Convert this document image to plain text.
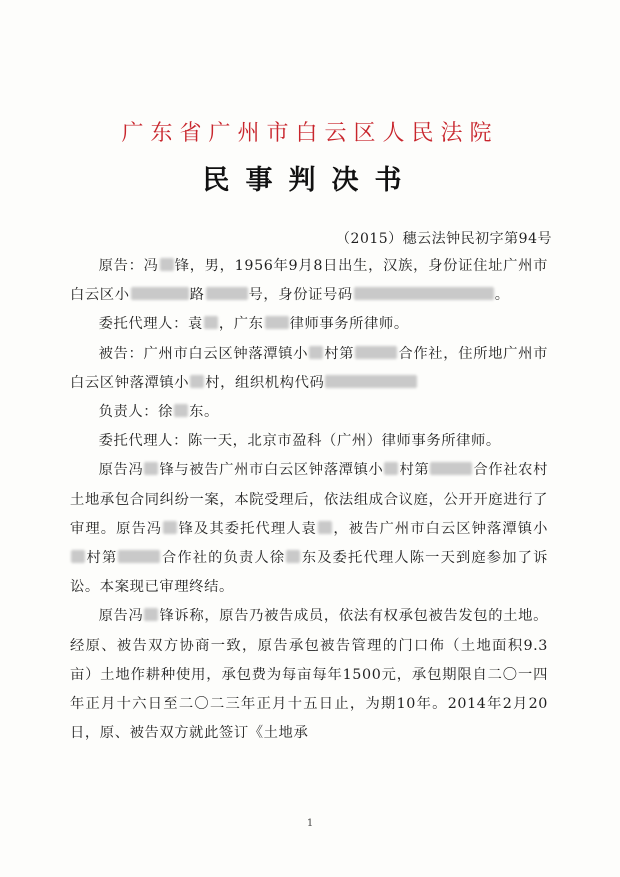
广东省广州市白云区人民法院
民事判决书
（2015）穗云法钟民初字第94号

原告：冯 锋，男，1956年9月8日出生，汉族，身份证住址广州市白云区小	路	号，身份证号码	。

委托代理人：袁 ，广东 律师事务所律师。

被告：广州市白云区钟落潭镇小 村第	合作社，住所地广州市白云区钟落潭镇小 村，组织机构代码

负责人：徐 东。

委托代理人：陈一天，北京市盈科（广州）律师事务所律师。

原告冯 锋与被告广州市白云区钟落潭镇小 村第	合作社农村土地承包合同纠纷一案，本院受理后，依法组成合议庭，公开开庭进行了审理。原告冯 锋及其委托代理人袁 ，被告广州市白云区钟落潭镇小村第	合作社的负责人徐 东及委托代理人陈一天到庭参加了诉讼。本案现已审理终结。

原告冯 锋诉称，原告乃被告成员，依法有权承包被告发包的土地。经原、被告双方协商一致，原告承包被告管理的门口佈（土地面积9.3亩）土地作耕种使用，承包费为每亩每年1500元，承包期限自二〇一四年正月十六日至二〇二三年正月十五日止，为期10年。2014年2月20日，原、被告双方就此签订《土地承

1
